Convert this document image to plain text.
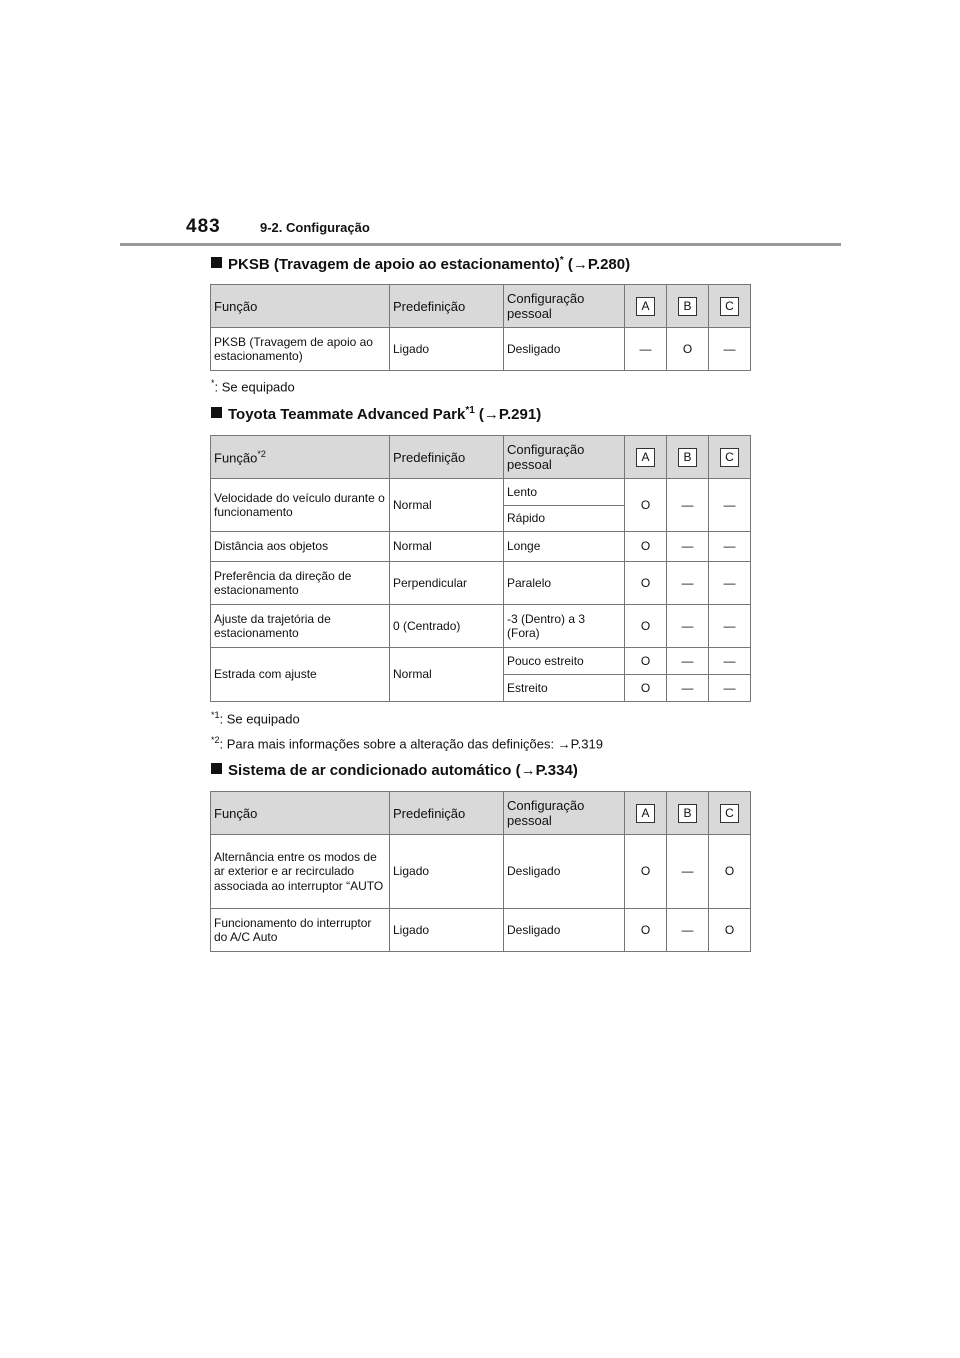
483	9-2. Configuração
PKSB (Travagem de apoio ao estacionamento)* (→P.280)
Função	Predefinição	Configuração pessoal	A	B	C
PKSB (Travagem de apoio ao estacionamento)	Ligado	Desligado	—	O	—
*: Se equipado
Toyota Teammate Advanced Park$^{*1}$ (→P.291)
Função$^{*2}$	Predefinição	Configuração pessoal	A	B	C
Velocidade do veículo durante o funcionamento	Normal	Lento	O	—	—
		Rápido			
Distância aos objetos	Normal	Longe	O	—	—
Preferência da direção de estacionamento	Perpendicular	Paralelo	O	—	—
Ajuste da trajetória de estacionamento	0 (Centrado)	-3 (Dentro) a 3 (Fora)	O	—	—
Estrada com ajuste	Normal	Pouco estreito	O	—	—
		Estreito	O	—	—
$^{*1}$: Se equipado
$^{*2}$: Para mais informações sobre a alteração das definições: →P.319
Sistema de ar condicionado automático (→P.334)
Função	Predefinição	Configuração pessoal	A	B	C
Alternância entre os modos de ar exterior e ar recirculado associada ao interruptor “AUTO	Ligado	Desligado	O	—	O
Funcionamento do interruptor do A/C Auto	Ligado	Desligado	O	—	O
